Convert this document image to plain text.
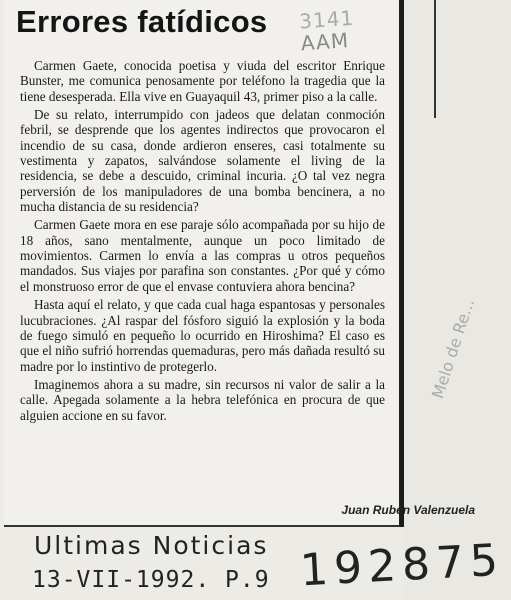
Errores fatídicos 3141
AAM

Carmen Gaete, conocida poetisa y viuda del escritor Enrique Bunster, me comunica penosamente por teléfono la tragedia que la tiene desesperada. Ella vive en Guayaquil 43, primer piso a la calle.

De su relato, interrumpido con jadeos que delatan conmoción febril, se desprende que los agentes indirectos que provocaron el incendio de su casa, donde ardieron enseres, casi totalmente su vestimenta y zapatos, salvándose solamente el living de la residencia, se debe a descuido, criminal incuria. ¿O tal vez negra perversión de los manipuladores de una bomba bencinera, a no mucha distancia de su residencia?

Carmen Gaete mora en ese paraje sólo acompañada por su hijo de 18 años, sano mentalmente, aunque un poco limitado de movimientos. Carmen lo envía a las compras u otros pequeños mandados. Sus viajes por parafina son constantes. ¿Por qué y cómo el monstruoso error de que el envase contuviera ahora bencina?

Hasta aquí el relato, y que cada cual haga espantosas y personales lucubraciones. ¿Al raspar del fósforo siguió la explosión y la boda de fuego simuló en pequeño lo ocurrido en Hiroshima? El caso es que el niño sufrió horrendas quemaduras, pero más dañada resultó su madre por lo instintivo de protegerlo.

Imaginemos ahora a su madre, sin recursos ni valor de salir a la calle. Apegada solamente a la hebra telefónica en procura de que alguien accione en su favor.

Juan Rubén Valenzuela
Ultimas Noticias
13-VII-1992. P.9 192875
Melo de Re...
